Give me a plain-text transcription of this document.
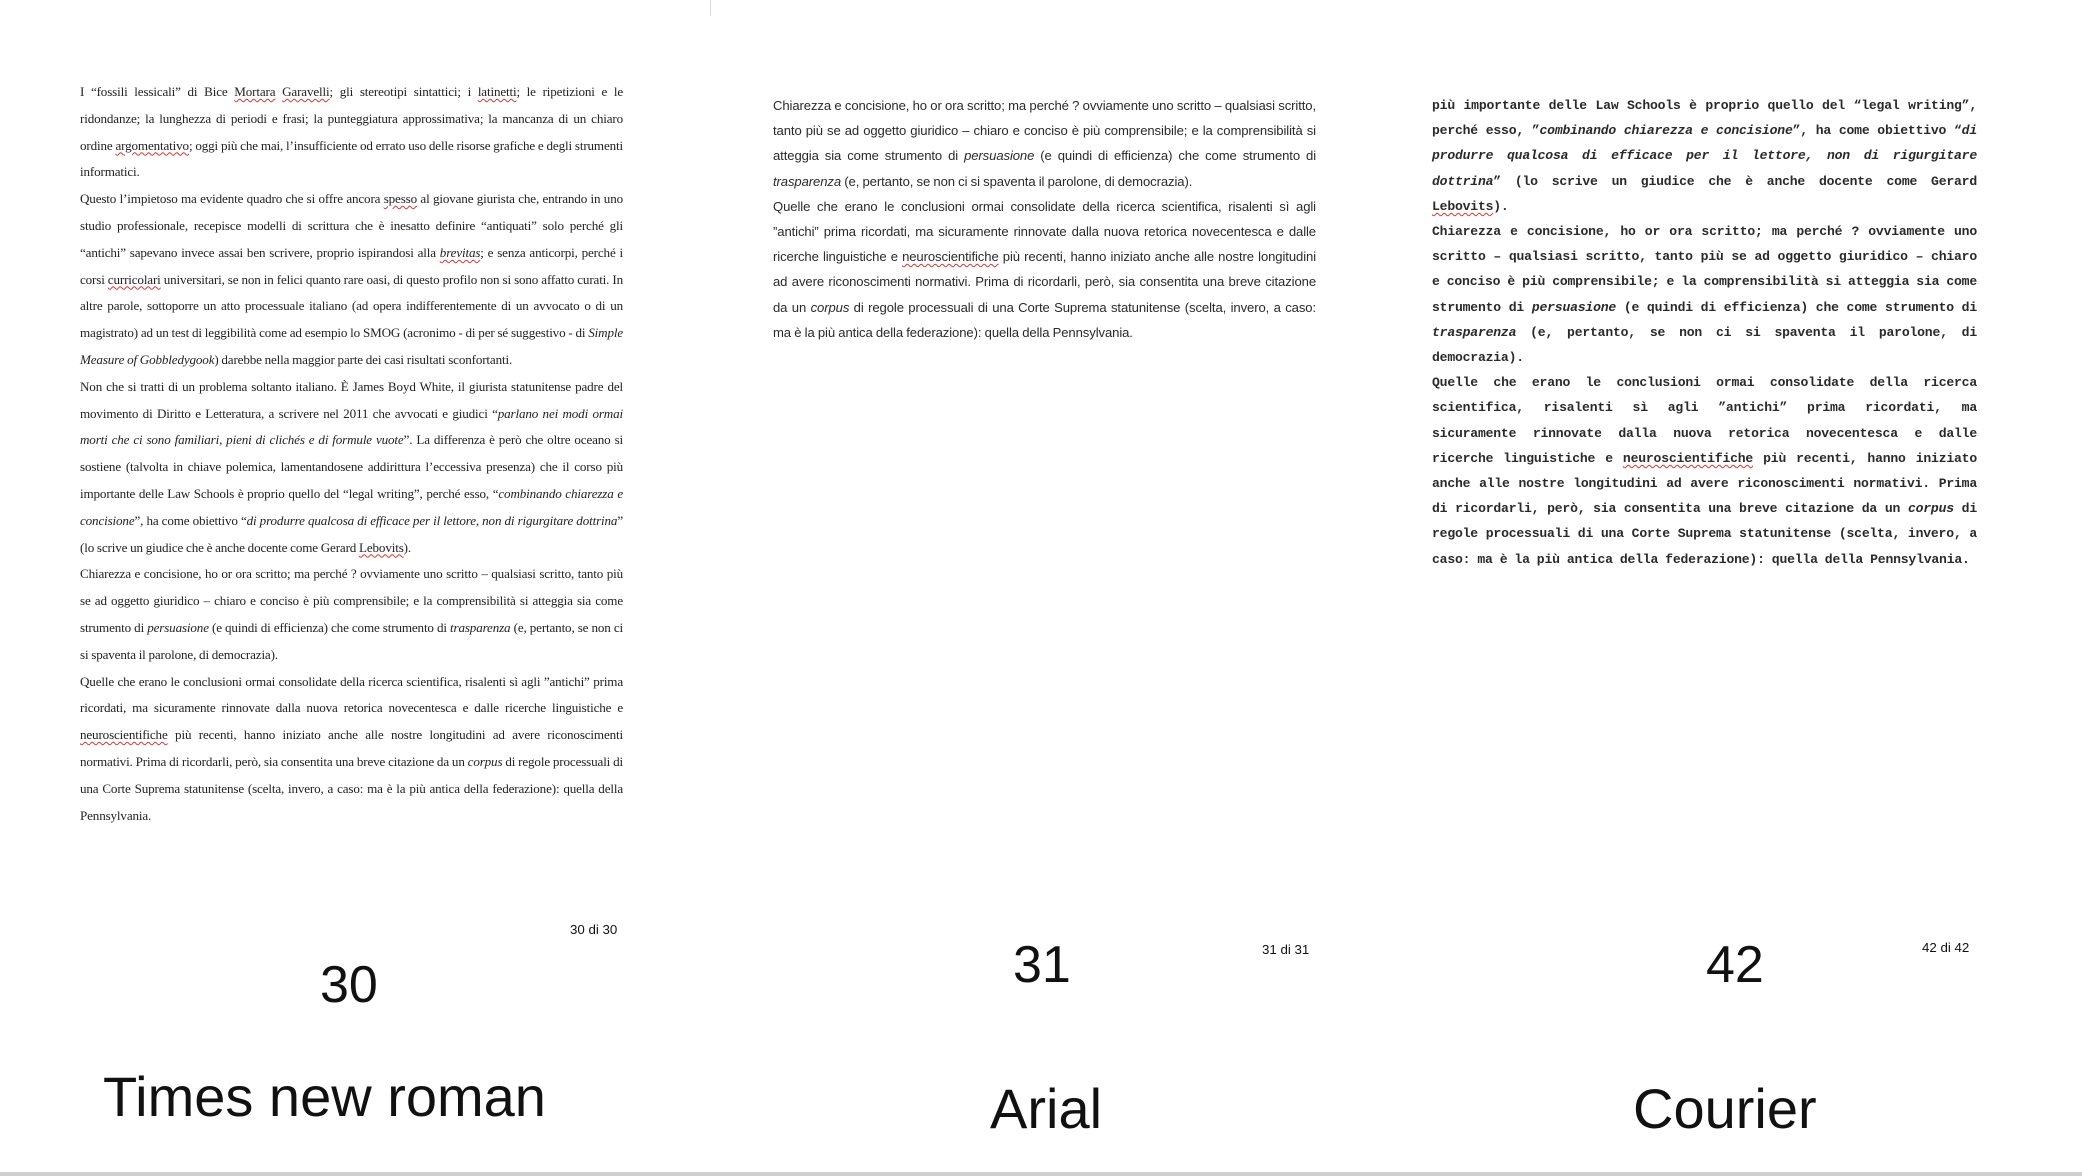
I “fossili lessicali” di Bice Mortara Garavelli; gli stereotipi sintattici; i latinetti; le ripetizioni e le ridondanze; la lunghezza di periodi e frasi; la punteggiatura approssimativa; la mancanza di un chiaro ordine argomentativo; oggi più che mai, l’insufficiente od errato uso delle risorse grafiche e degli strumenti informatici.

Questo l’impietoso ma evidente quadro che si offre ancora spesso al giovane giurista che, entrando in uno studio professionale, recepisce modelli di scrittura che è inesatto definire “antiquati” solo perché gli “antichi” sapevano invece assai ben scrivere, proprio ispirandosi alla brevitas; e senza anticorpi, perché i corsi curricolari universitari, se non in felici quanto rare oasi, di questo profilo non si sono affatto curati. In altre parole, sottoporre un atto processuale italiano (ad opera indifferentemente di un avvocato o di un magistrato) ad un test di leggibilità come ad esempio lo SMOG (acronimo - di per sé suggestivo - di Simple Measure of Gobbledygook) darebbe nella maggior parte dei casi risultati sconfortanti.

Non che si tratti di un problema soltanto italiano. È James Boyd White, il giurista statunitense padre del movimento di Diritto e Letteratura, a scrivere nel 2011 che avvocati e giudici “parlano nei modi ormai morti che ci sono familiari, pieni di clichés e di formule vuote”. La differenza è però che oltre oceano si sostiene (talvolta in chiave polemica, lamentandosene addirittura l’eccessiva presenza) che il corso più importante delle Law Schools è proprio quello del “legal writing”, perché esso, “combinando chiarezza e concisione”, ha come obiettivo “di produrre qualcosa di efficace per il lettore, non di rigurgitare dottrina” (lo scrive un giudice che è anche docente come Gerard Lebovits).

Chiarezza e concisione, ho or ora scritto; ma perché ? ovviamente uno scritto – qualsiasi scritto, tanto più se ad oggetto giuridico – chiaro e conciso è più comprensibile; e la comprensibilità si atteggia sia come strumento di persuasione (e quindi di efficienza) che come strumento di trasparenza (e, pertanto, se non ci si spaventa il parolone, di democrazia).

Quelle che erano le conclusioni ormai consolidate della ricerca scientifica, risalenti sì agli ”antichi” prima ricordati, ma sicuramente rinnovate dalla nuova retorica novecentesca e dalle ricerche linguistiche e neuroscientifiche più recenti, hanno iniziato anche alle nostre longitudini ad avere riconoscimenti normativi. Prima di ricordarli, però, sia consentita una breve citazione da un corpus di regole processuali di una Corte Suprema statunitense (scelta, invero, a caso: ma è la più antica della federazione): quella della Pennsylvania.

30 di 30
30
Times new roman

Chiarezza e concisione, ho or ora scritto; ma perché ? ovviamente uno scritto – qualsiasi scritto, tanto più se ad oggetto giuridico – chiaro e conciso è più comprensibile; e la comprensibilità si atteggia sia come strumento di persuasione (e quindi di efficienza) che come strumento di trasparenza (e, pertanto, se non ci si spaventa il parolone, di democrazia).

Quelle che erano le conclusioni ormai consolidate della ricerca scientifica, risalenti sì agli ”antichi” prima ricordati, ma sicuramente rinnovate dalla nuova retorica novecentesca e dalle ricerche linguistiche e neuroscientifiche più recenti, hanno iniziato anche alle nostre longitudini ad avere riconoscimenti normativi. Prima di ricordarli, però, sia consentita una breve citazione da un corpus di regole processuali di una Corte Suprema statunitense (scelta, invero, a caso: ma è la più antica della federazione): quella della Pennsylvania.

31 di 31
31
Arial

più importante delle Law Schools è proprio quello del “legal writing”, perché esso, ”combinando chiarezza e concisione”, ha come obiettivo “di produrre qualcosa di efficace per il lettore, non di rigurgitare dottrina” (lo scrive un giudice che è anche docente come Gerard Lebovits).

Chiarezza e concisione, ho or ora scritto; ma perché ? ovviamente uno scritto – qualsiasi scritto, tanto più se ad oggetto giuridico – chiaro e conciso è più comprensibile; e la comprensibilità si atteggia sia come strumento di persuasione (e quindi di efficienza) che come strumento di trasparenza (e, pertanto, se non ci si spaventa il parolone, di democrazia).

Quelle che erano le conclusioni ormai consolidate della ricerca scientifica, risalenti sì agli ”antichi” prima ricordati, ma sicuramente rinnovate dalla nuova retorica novecentesca e dalle ricerche linguistiche e neuroscientifiche più recenti, hanno iniziato anche alle nostre longitudini ad avere riconoscimenti normativi. Prima di ricordarli, però, sia consentita una breve citazione da un corpus di regole processuali di una Corte Suprema statunitense (scelta, invero, a caso: ma è la più antica della federazione): quella della Pennsylvania.

42 di 42
42
Courier
